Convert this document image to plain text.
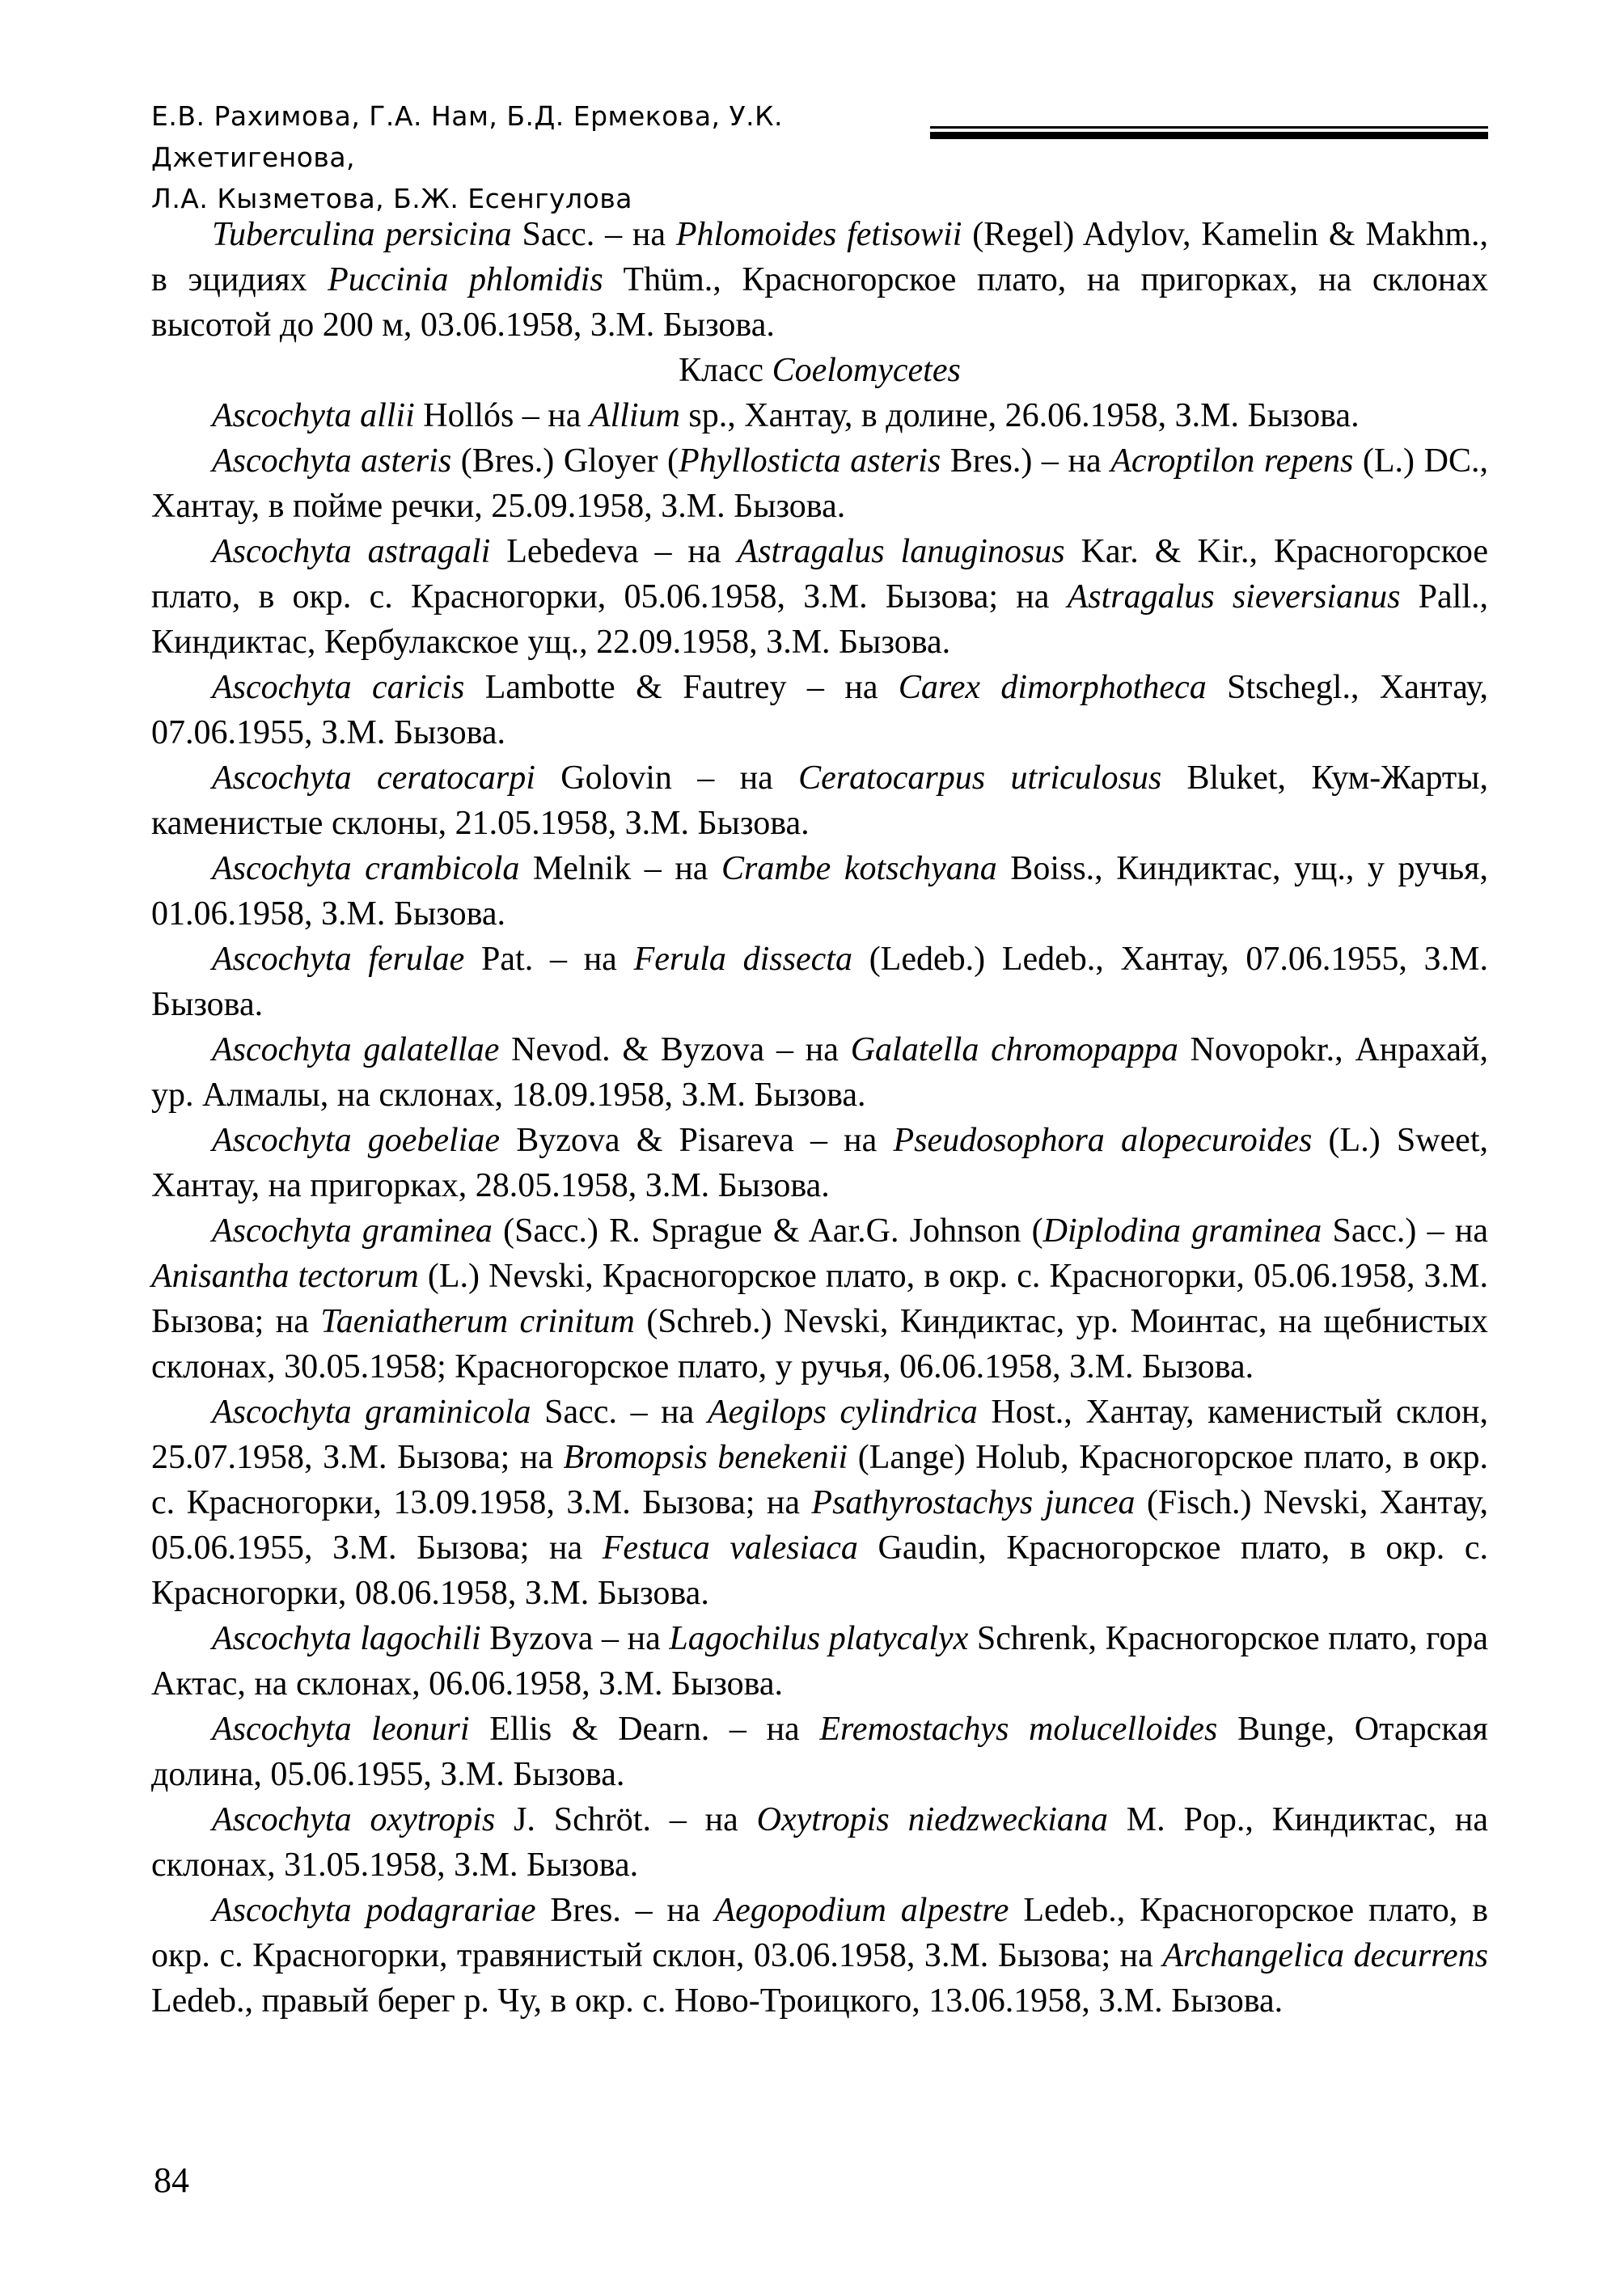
Е.В. Рахимова, Г.А. Нам, Б.Д. Ермекова, У.К. Джетигенова,
Л.А. Кызметова, Б.Ж. Есенгулова

Tuberculina persicina Sacc. – на Phlomoides fetisowii (Regel) Adylov, Kamelin & Makhm., в эцидиях Puccinia phlomidis Thüm., Красногорское плато, на пригорках, на склонах высотой до 200 м, 03.06.1958, З.М. Бызова.

Класс Coelomycetes

Ascochyta allii Hollós – на Allium sp., Хантау, в долине, 26.06.1958, З.М. Бызова.

Ascochyta asteris (Bres.) Gloyer (Phyllosticta asteris Bres.) – на Acroptilon repens (L.) DC., Хантау, в пойме речки, 25.09.1958, З.М. Бызова.

Ascochyta astragali Lebedeva – на Astragalus lanuginosus Kar. & Kir., Красногорское плато, в окр. с. Красногорки, 05.06.1958, З.М. Бызова; на Astragalus sieversianus Pall., Киндиктас, Кербулакское ущ., 22.09.1958, З.М. Бызова.

Ascochyta caricis Lambotte & Fautrey – на Carex dimorphotheca Stschegl., Хантау, 07.06.1955, З.М. Бызова.

Ascochyta ceratocarpi Golovin – на Ceratocarpus utriculosus Bluket, Кум-Жарты, каменистые склоны, 21.05.1958, З.М. Бызова.

Ascochyta crambicola Melnik – на Crambe kotschyana Boiss., Киндиктас, ущ., у ручья, 01.06.1958, З.М. Бызова.

Ascochyta ferulae Pat. – на Ferula dissecta (Ledeb.) Ledeb., Хантау, 07.06.1955, З.М. Бызова.

Ascochyta galatellae Nevod. & Byzova – на Galatella chromopappa Novopokr., Анрахай, ур. Алмалы, на склонах, 18.09.1958, З.М. Бызова.

Ascochyta goebeliae Byzova & Pisareva – на Pseudosophora alopecuroides (L.) Sweet, Хантау, на пригорках, 28.05.1958, З.М. Бызова.

Ascochyta graminea (Sacc.) R. Sprague & Aar.G. Johnson (Diplodina graminea Sacc.) – на Anisantha tectorum (L.) Nevski, Красногорское плато, в окр. с. Красногорки, 05.06.1958, З.М. Бызова; на Taeniatherum crinitum (Schreb.) Nevski, Киндиктас, ур. Моинтас, на щебнистых склонах, 30.05.1958; Красногорское плато, у ручья, 06.06.1958, З.М. Бызова.

Ascochyta graminicola Sacc. – на Aegilops cylindrica Host., Хантау, каменистый склон, 25.07.1958, З.М. Бызова; на Bromopsis benekenii (Lange) Holub, Красногорское плато, в окр. с. Красногорки, 13.09.1958, З.М. Бызова; на Psathyrostachys juncea (Fisch.) Nevski, Хантау, 05.06.1955, З.М. Бызова; на Festuca valesiaca Gaudin, Красногорское плато, в окр. с. Красногорки, 08.06.1958, З.М. Бызова.

Ascochyta lagochili Byzova – на Lagochilus platycalyx Schrenk, Красногорское плато, гора Актас, на склонах, 06.06.1958, З.М. Бызова.

Ascochyta leonuri Ellis & Dearn. – на Eremostachys molucelloides Bunge, Отарская долина, 05.06.1955, З.М. Бызова.

Ascochyta oxytropis J. Schröt. – на Oxytropis niedzweckiana M. Pop., Киндиктас, на склонах, 31.05.1958, З.М. Бызова.

Ascochyta podagrariae Bres. – на Aegopodium alpestre Ledeb., Красногорское плато, в окр. с. Красногорки, травянистый склон, 03.06.1958, З.М. Бызова; на Archangelica decurrens Ledeb., правый берег р. Чу, в окр. с. Ново-Троицкого, 13.06.1958, З.М. Бызова.

84
